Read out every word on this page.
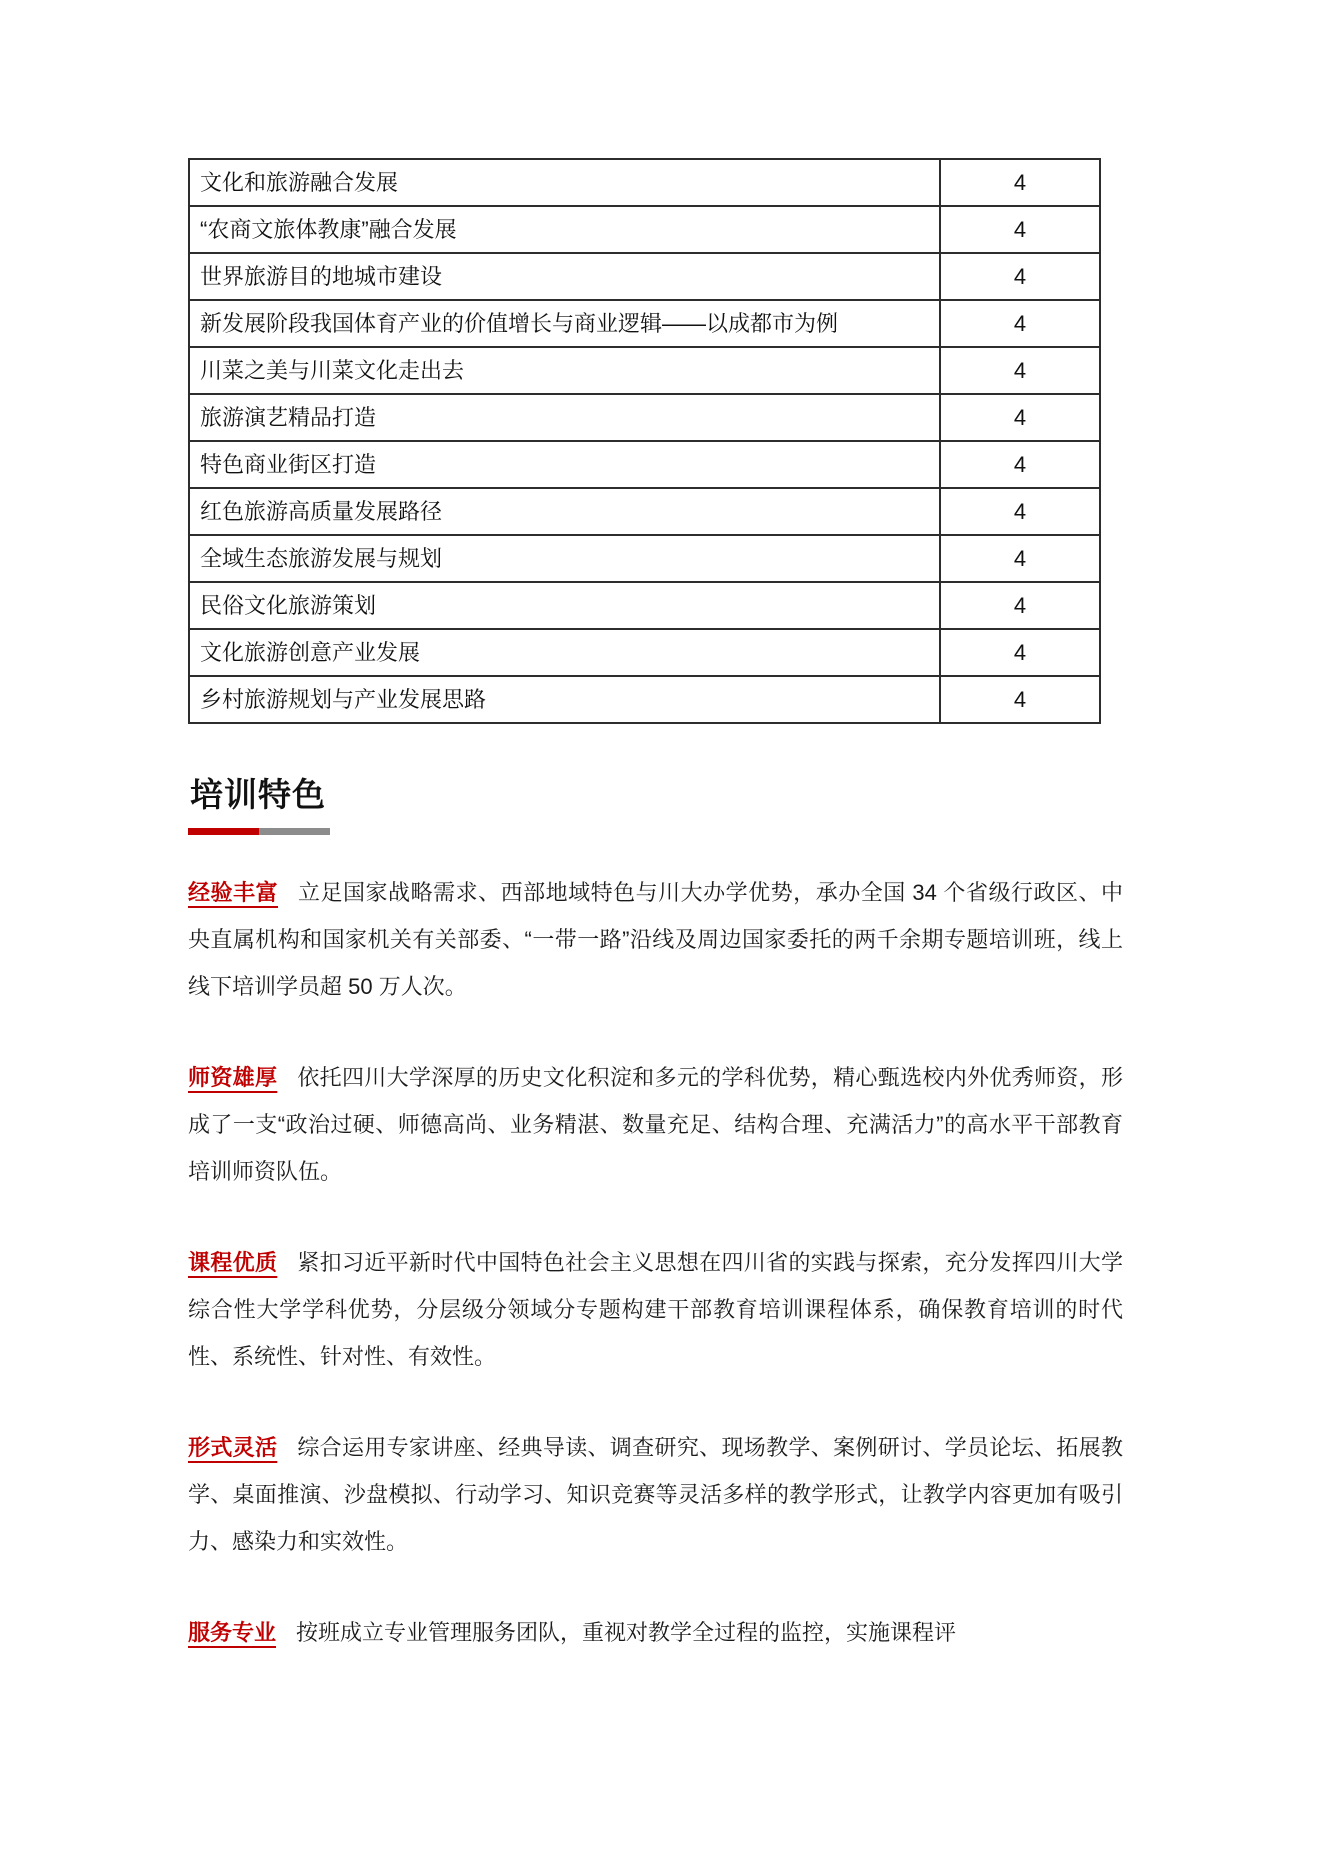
文化和旅游融合发展	4
“农商文旅体教康”融合发展	4
世界旅游目的地城市建设	4
新发展阶段我国体育产业的价值增长与商业逻辑——以成都市为例	4
川菜之美与川菜文化走出去	4
旅游演艺精品打造	4
特色商业街区打造	4
红色旅游高质量发展路径	4
全域生态旅游发展与规划	4
民俗文化旅游策划	4
文化旅游创意产业发展	4
乡村旅游规划与产业发展思路	4
培训特色

经验丰富 立足国家战略需求、西部地域特色与川大办学优势，承办全国 34 个省级行政区、中央直属机构和国家机关有关部委、“一带一路”沿线及周边国家委托的两千余期专题培训班，线上线下培训学员超 50 万人次。

师资雄厚 依托四川大学深厚的历史文化积淀和多元的学科优势，精心甄选校内外优秀师资，形成了一支“政治过硬、师德高尚、业务精湛、数量充足、结构合理、充满活力”的高水平干部教育培训师资队伍。

课程优质 紧扣习近平新时代中国特色社会主义思想在四川省的实践与探索，充分发挥四川大学综合性大学学科优势，分层级分领域分专题构建干部教育培训课程体系，确保教育培训的时代性、系统性、针对性、有效性。

形式灵活 综合运用专家讲座、经典导读、调查研究、现场教学、案例研讨、学员论坛、拓展教学、桌面推演、沙盘模拟、行动学习、知识竞赛等灵活多样的教学形式，让教学内容更加有吸引力、感染力和实效性。

服务专业 按班成立专业管理服务团队，重视对教学全过程的监控，实施课程评
